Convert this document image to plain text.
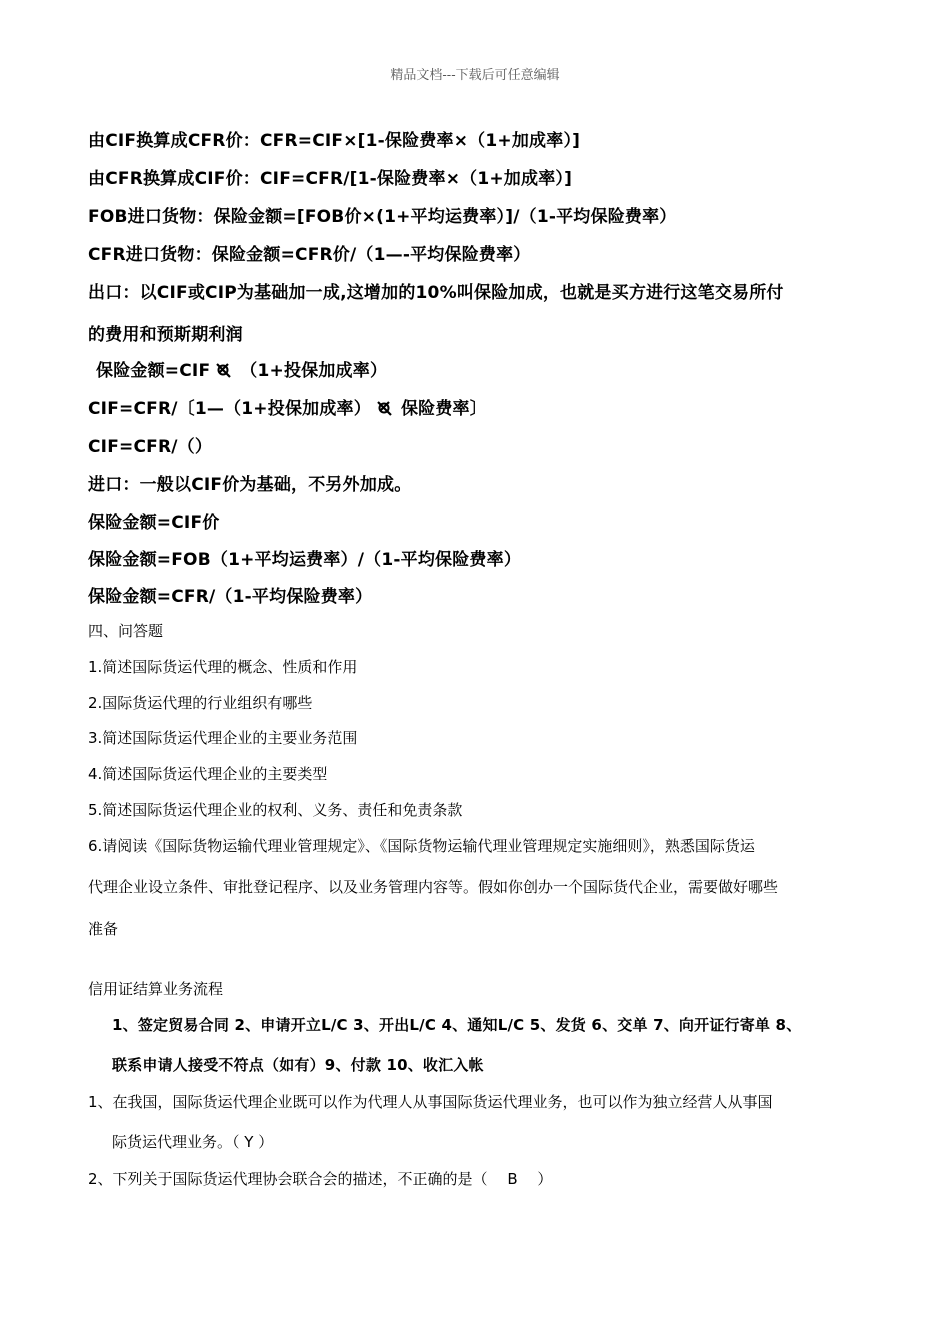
精品文档---下载后可任意编辑
由CIF换算成CFR价：CFR=CIF×[1-保险费率×（1+加成率）]
由CFR换算成CIF价：CIF=CFR/[1-保险费率×（1+加成率）]
FOB进口货物：保险金额=[FOB价×(1+平均运费率）]/（1-平均保险费率）
CFR进口货物：保险金额=CFR价/（1—-平均保险费率）
出口：以CIF或CIP为基础加一成,这增加的10%叫保险加成，也就是买方进行这笔交易所付
的费用和预斯期利润
保险金额=CIF （1+投保加成率）
CIF=CFR/〔1—（1+投保加成率） 保险费率〕
CIF=CFR/（）
进口：一般以CIF价为基础，不另外加成。
保险金额=CIF价
保险金额=FOB（1+平均运费率）/（1-平均保险费率）
保险金额=CFR/（1-平均保险费率）
四、问答题
1.简述国际货运代理的概念、性质和作用
2.国际货运代理的行业组织有哪些
3.简述国际货运代理企业的主要业务范围
4.简述国际货运代理企业的主要类型
5.简述国际货运代理企业的权利、义务、责任和免责条款
6.请阅读《国际货物运输代理业管理规定》、《国际货物运输代理业管理规定实施细则》，熟悉国际货运
代理企业设立条件、审批登记程序、以及业务管理内容等。假如你创办一个国际货代企业，需要做好哪些
准备
信用证结算业务流程
1、签定贸易合同 2、申请开立L/C 3、开出L/C 4、通知L/C 5、发货 6、交单 7、向开证行寄单 8、
联系申请人接受不符点（如有）9、付款 10、收汇入帐
1、在我国，国际货运代理企业既可以作为代理人从事国际货运代理业务，也可以作为独立经营人从事国
际货运代理业务。（ Y ）
2、下列关于国际货运代理协会联合会的描述，不正确的是（　 B　 ）
